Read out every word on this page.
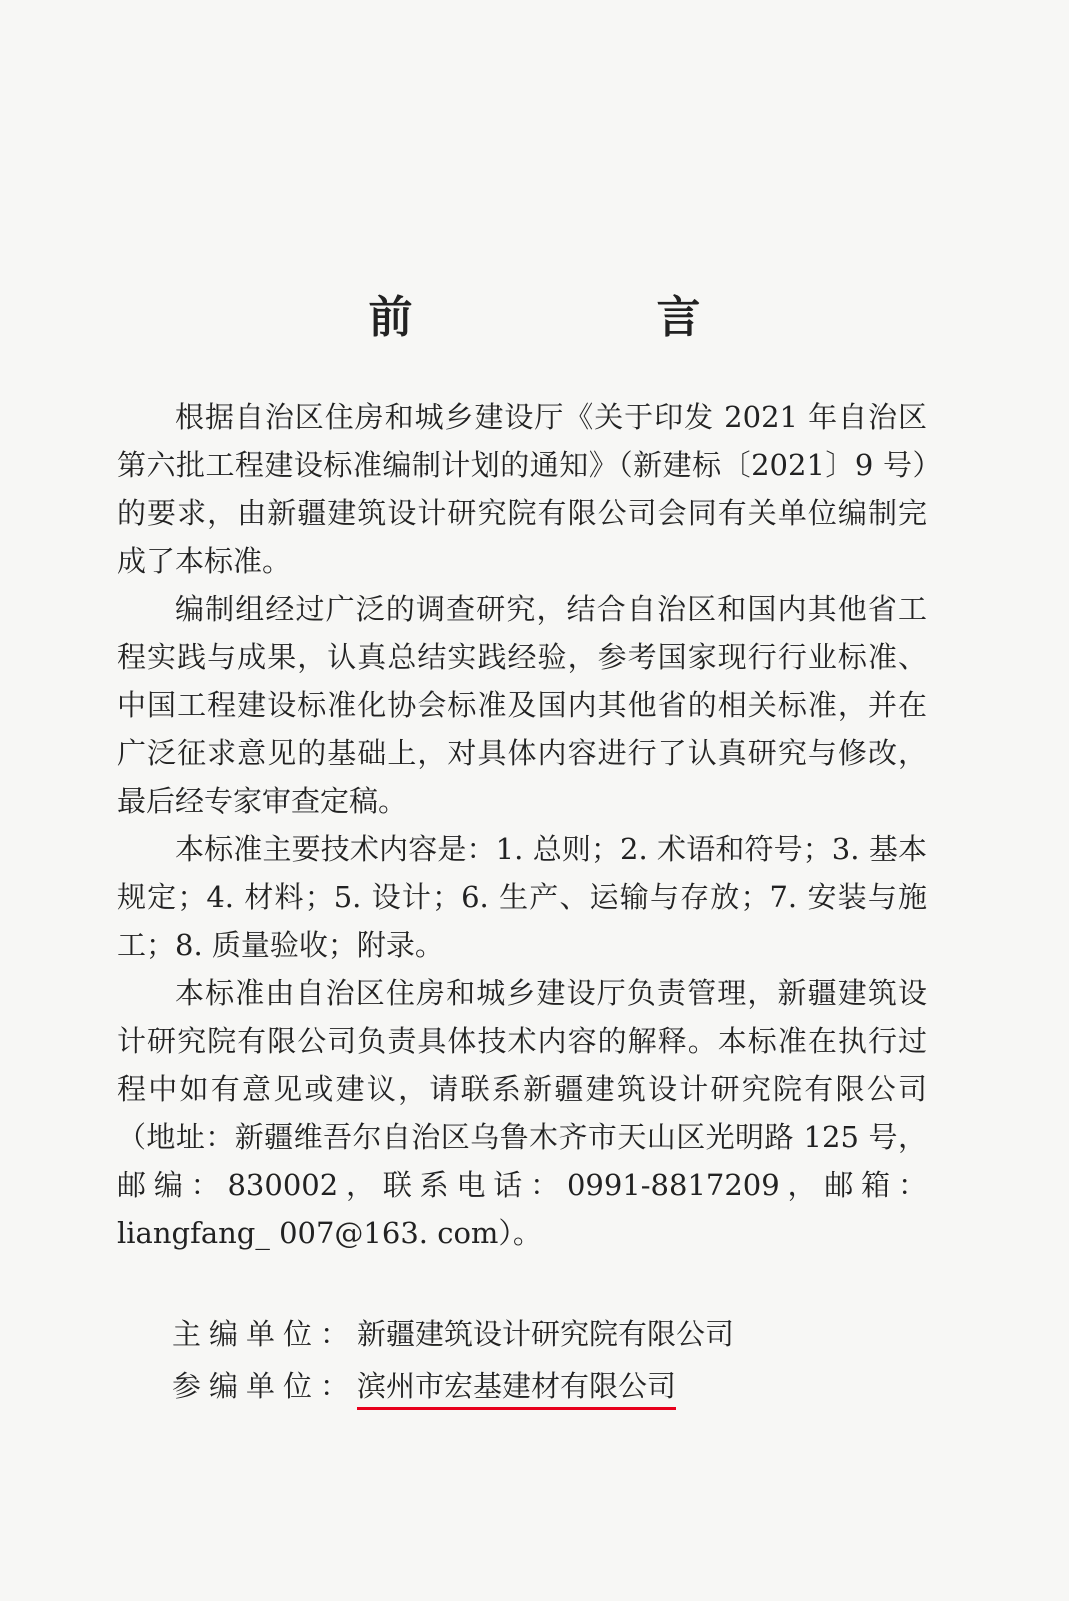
前　言

根据自治区住房和城乡建设厅《关于印发 2021 年自治区第六批工程建设标准编制计划的通知》（新建标〔2021〕9 号）的要求，由新疆建筑设计研究院有限公司会同有关单位编制完成了本标准。

编制组经过广泛的调查研究，结合自治区和国内其他省工程实践与成果，认真总结实践经验，参考国家现行行业标准、中国工程建设标准化协会标准及国内其他省的相关标准，并在广泛征求意见的基础上，对具体内容进行了认真研究与修改，最后经专家审查定稿。

本标准主要技术内容是：1. 总则；2. 术语和符号；3. 基本规定；4. 材料；5. 设计；6. 生产、运输与存放；7. 安装与施工；8. 质量验收；附录。

本标准由自治区住房和城乡建设厅负责管理，新疆建筑设计研究院有限公司负责具体技术内容的解释。本标准在执行过程中如有意见或建议，请联系新疆建筑设计研究院有限公司（地址：新疆维吾尔自治区乌鲁木齐市天山区光明路 125 号，邮编：830002，联系电话：0991-8817209，邮箱：liangfang_ 007@163. com）。

主编单位：新疆建筑设计研究院有限公司
参编单位：滨州市宏基建材有限公司
